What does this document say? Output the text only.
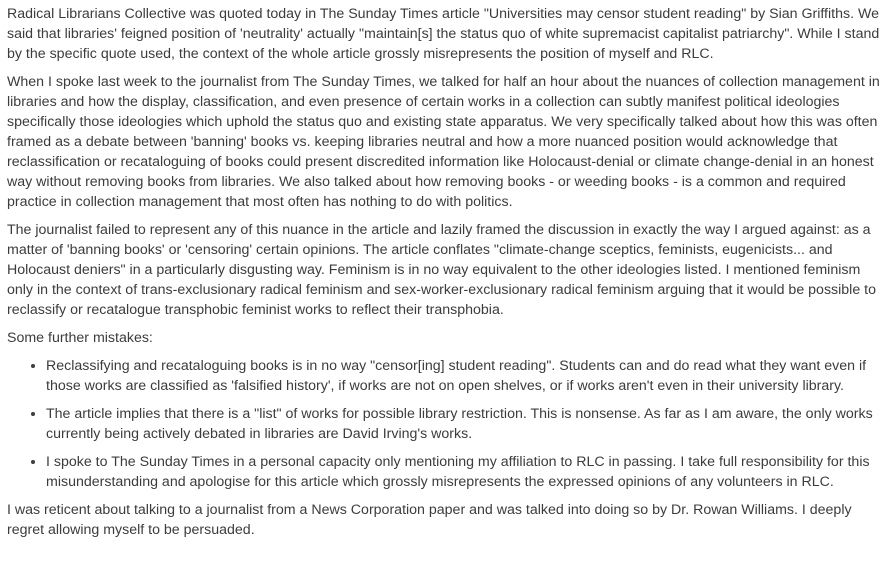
Radical Librarians Collective was quoted today in The Sunday Times article "Universities may censor student reading" by Sian Griffiths. We said that libraries' feigned position of 'neutrality' actually "maintain[s] the status quo of white supremacist capitalist patriarchy". While I stand by the specific quote used, the context of the whole article grossly misrepresents the position of myself and RLC.

When I spoke last week to the journalist from The Sunday Times, we talked for half an hour about the nuances of collection management in libraries and how the display, classification, and even presence of certain works in a collection can subtly manifest political ideologies specifically those ideologies which uphold the status quo and existing state apparatus. We very specifically talked about how this was often framed as a debate between 'banning' books vs. keeping libraries neutral and how a more nuanced position would acknowledge that reclassification or recataloguing of books could present discredited information like Holocaust-denial or climate change-denial in an honest way without removing books from libraries. We also talked about how removing books - or weeding books - is a common and required practice in collection management that most often has nothing to do with politics.

The journalist failed to represent any of this nuance in the article and lazily framed the discussion in exactly the way I argued against: as a matter of 'banning books' or 'censoring' certain opinions. The article conflates "climate-change sceptics, feminists, eugenicists... and Holocaust deniers" in a particularly disgusting way. Feminism is in no way equivalent to the other ideologies listed. I mentioned feminism only in the context of trans-exclusionary radical feminism and sex-worker-exclusionary radical feminism arguing that it would be possible to reclassify or recatalogue transphobic feminist works to reflect their transphobia.

Some further mistakes:

• Reclassifying and recataloguing books is in no way "censor[ing] student reading". Students can and do read what they want even if those works are classified as 'falsified history', if works are not on open shelves, or if works aren't even in their university library.
• The article implies that there is a "list" of works for possible library restriction. This is nonsense. As far as I am aware, the only works currently being actively debated in libraries are David Irving's works.
• I spoke to The Sunday Times in a personal capacity only mentioning my affiliation to RLC in passing. I take full responsibility for this misunderstanding and apologise for this article which grossly misrepresents the expressed opinions of any volunteers in RLC.

I was reticent about talking to a journalist from a News Corporation paper and was talked into doing so by Dr. Rowan Williams. I deeply regret allowing myself to be persuaded.
